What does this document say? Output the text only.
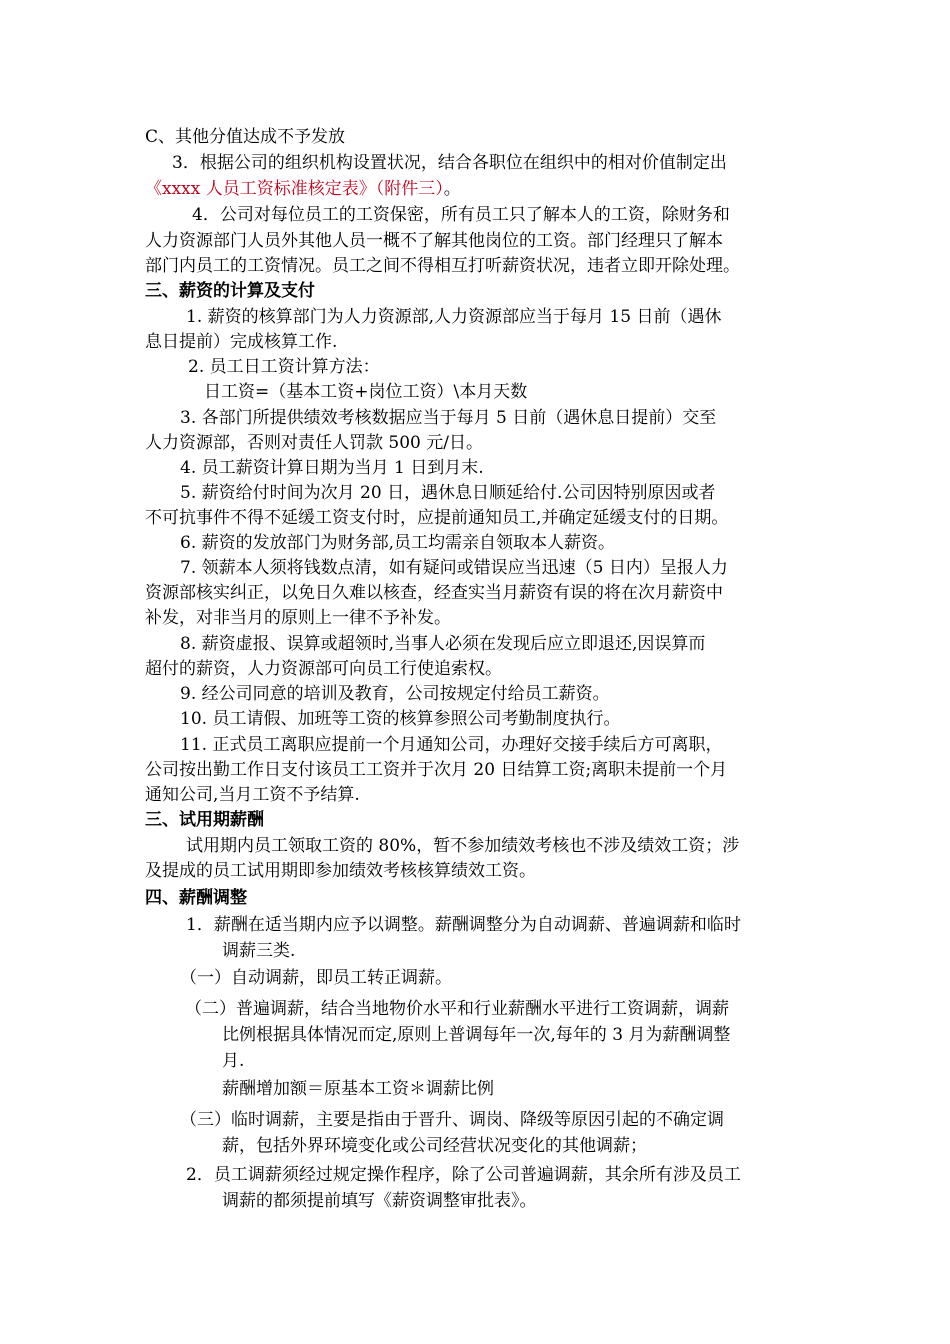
C、其他分值达成不予发放
3．根据公司的组织机构设置状况，结合各职位在组织中的相对价值制定出
《xxxx 人员工资标准核定表》（附件三）。
4．公司对每位员工的工资保密，所有员工只了解本人的工资，除财务和
人力资源部门人员外其他人员一概不了解其他岗位的工资。部门经理只了解本
部门内员工的工资情况。员工之间不得相互打听薪资状况，违者立即开除处理。
三、薪资的计算及支付
1. 薪资的核算部门为人力资源部,人力资源部应当于每月 15 日前（遇休
息日提前）完成核算工作.
2. 员工日工资计算方法：
日工资=（基本工资+岗位工资）\本月天数
3. 各部门所提供绩效考核数据应当于每月 5 日前（遇休息日提前）交至
人力资源部，否则对责任人罚款 500 元/日。
4. 员工薪资计算日期为当月 1 日到月末.
5. 薪资给付时间为次月 20 日，遇休息日顺延给付.公司因特别原因或者
不可抗事件不得不延缓工资支付时，应提前通知员工,并确定延缓支付的日期。
6. 薪资的发放部门为财务部,员工均需亲自领取本人薪资。
7. 领薪本人须将钱数点清，如有疑问或错误应当迅速（5 日内）呈报人力
资源部核实纠正，以免日久难以核查，经查实当月薪资有误的将在次月薪资中
补发，对非当月的原则上一律不予补发。
8. 薪资虚报、误算或超领时,当事人必须在发现后应立即退还,因误算而
超付的薪资，人力资源部可向员工行使追索权。
9. 经公司同意的培训及教育，公司按规定付给员工薪资。
10. 员工请假、加班等工资的核算参照公司考勤制度执行。
11. 正式员工离职应提前一个月通知公司，办理好交接手续后方可离职，
公司按出勤工作日支付该员工工资并于次月 20 日结算工资;离职未提前一个月
通知公司,当月工资不予结算.
三、试用期薪酬
试用期内员工领取工资的 80%，暂不参加绩效考核也不涉及绩效工资；涉
及提成的员工试用期即参加绩效考核核算绩效工资。
四、薪酬调整
1．薪酬在适当期内应予以调整。薪酬调整分为自动调薪、普遍调薪和临时
调薪三类.
（一）自动调薪，即员工转正调薪。
（二）普遍调薪，结合当地物价水平和行业薪酬水平进行工资调薪，调薪
比例根据具体情况而定,原则上普调每年一次,每年的 3 月为薪酬调整
月.
薪酬增加额＝原基本工资＊调薪比例
（三）临时调薪，主要是指由于晋升、调岗、降级等原因引起的不确定调
薪，包括外界环境变化或公司经营状况变化的其他调薪；
2．员工调薪须经过规定操作程序，除了公司普遍调薪，其余所有涉及员工
调薪的都须提前填写《薪资调整审批表》。
